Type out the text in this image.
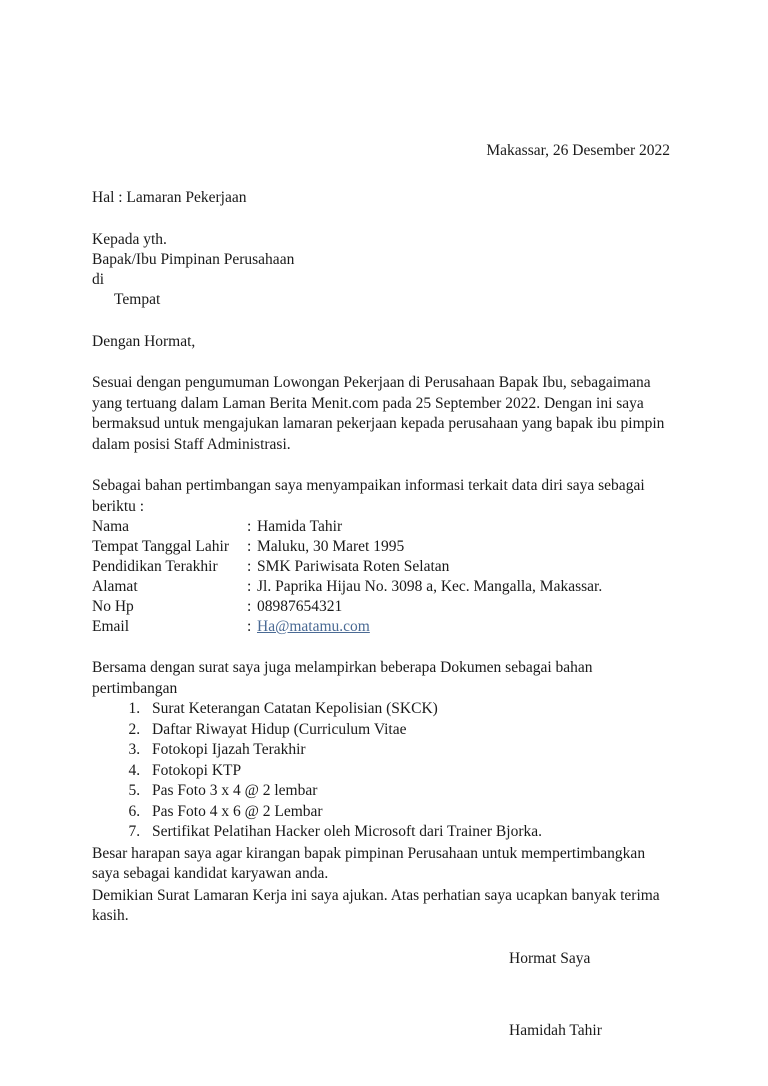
Makassar, 26 Desember 2022
Hal : Lamaran Pekerjaan
Kepada yth.
Bapak/Ibu Pimpinan Perusahaan
di
Tempat
Dengan Hormat,
Sesuai dengan pengumuman Lowongan Pekerjaan di Perusahaan Bapak Ibu, sebagaimana yang tertuang dalam Laman Berita Menit.com pada 25 September 2022. Dengan ini saya bermaksud untuk mengajukan lamaran pekerjaan kepada perusahaan yang bapak ibu pimpin dalam posisi Staff Administrasi.
Sebagai bahan pertimbangan saya menyampaikan informasi terkait data diri saya sebagai beriktu :
Nama	:	Hamida Tahir
Tempat Tanggal Lahir	:	Maluku, 30 Maret 1995
Pendidikan Terakhir	:	SMK Pariwisata Roten Selatan
Alamat	:	Jl. Paprika Hijau No. 3098 a, Kec. Mangalla, Makassar.
No Hp	:	08987654321
Email	:	Ha@matamu.com
Bersama dengan surat saya juga melampirkan beberapa Dokumen sebagai bahan pertimbangan
1. Surat Keterangan Catatan Kepolisian (SKCK)
2. Daftar Riwayat Hidup (Curriculum Vitae
3. Fotokopi Ijazah Terakhir
4. Fotokopi KTP
5. Pas Foto 3 x 4 @ 2 lembar
6. Pas Foto 4 x 6 @ 2 Lembar
7. Sertifikat Pelatihan Hacker oleh Microsoft dari Trainer Bjorka.
Besar harapan saya agar kirangan bapak pimpinan Perusahaan untuk mempertimbangkan saya sebagai kandidat karyawan anda.
Demikian Surat Lamaran Kerja ini saya ajukan. Atas perhatian saya ucapkan banyak terima kasih.
Hormat Saya
Hamidah Tahir
